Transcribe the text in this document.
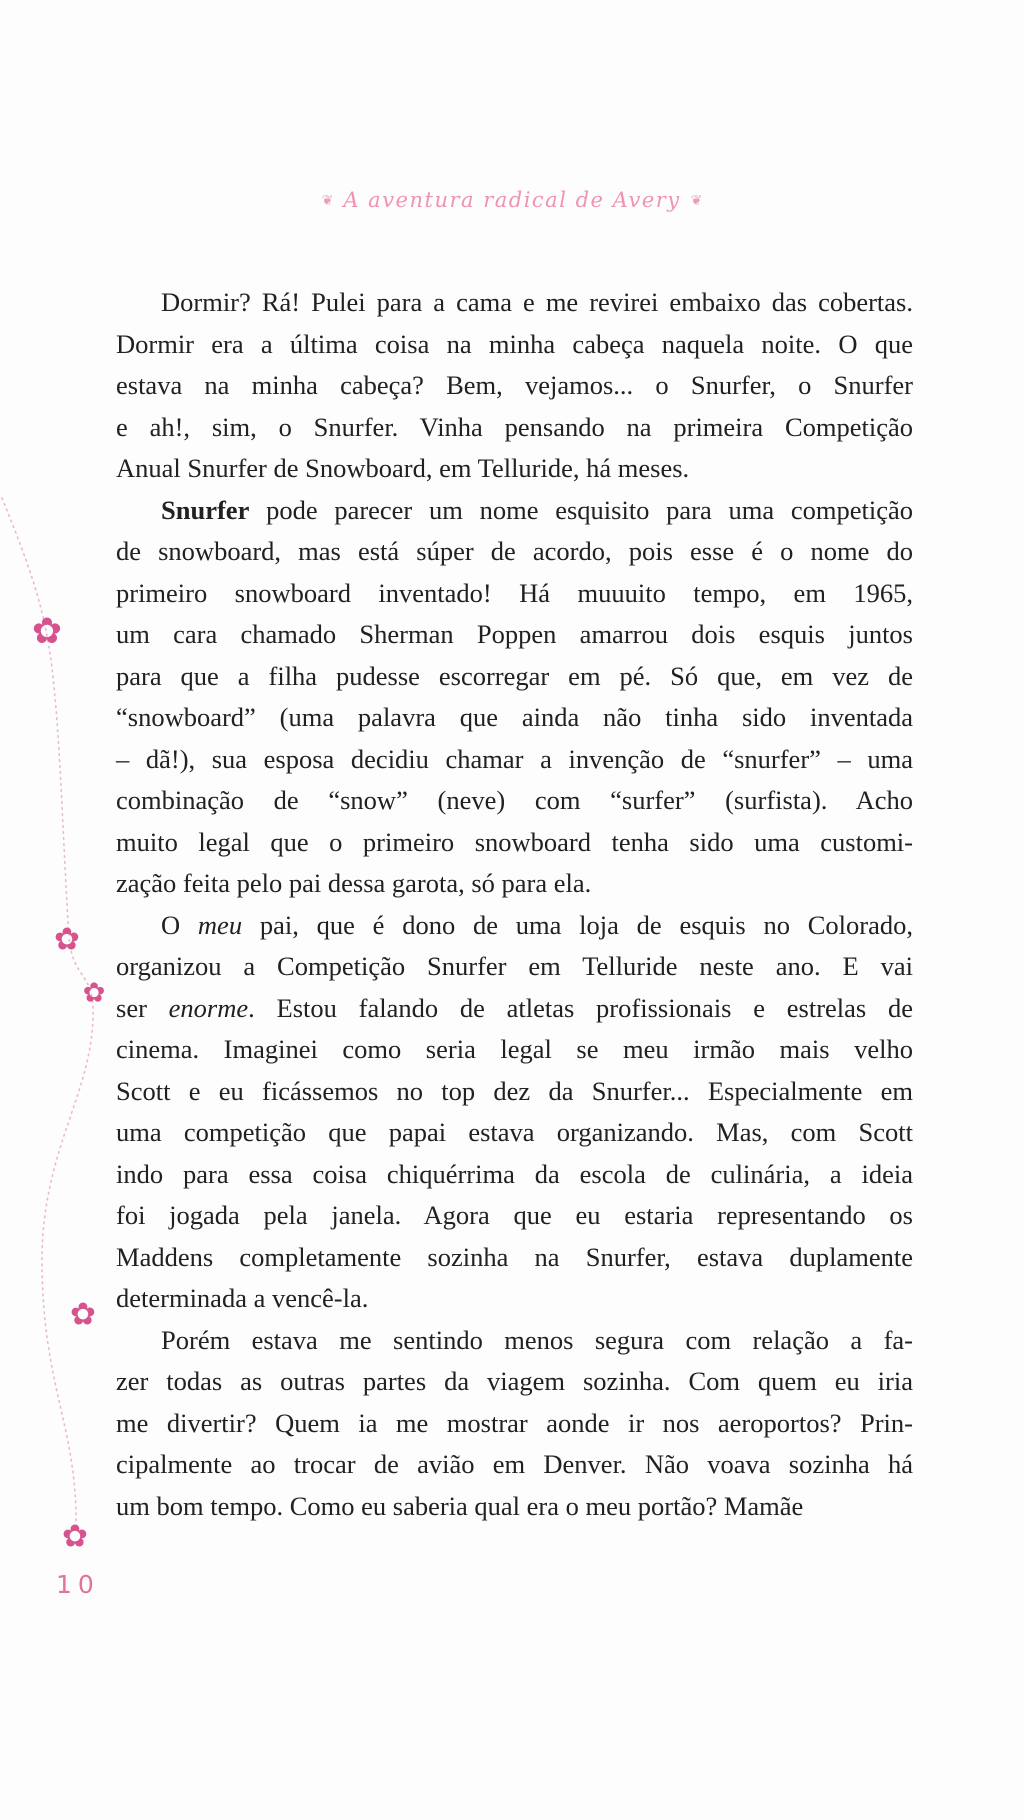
❦ A aventura radical de Avery ❦
✿
✿
✿
✿
✿
Dormir? Rá! Pulei para a cama e me revirei embaixo das cobertas.
Dormir era a última coisa na minha cabeça naquela noite. O que
estava na minha cabeça? Bem, vejamos... o Snurfer, o Snurfer
e ah!, sim, o Snurfer. Vinha pensando na primeira Competição
Anual Snurfer de Snowboard, em Telluride, há meses.
Snurfer pode parecer um nome esquisito para uma competição
de snowboard, mas está súper de acordo, pois esse é o nome do
primeiro snowboard inventado! Há muuuito tempo, em 1965,
um cara chamado Sherman Poppen amarrou dois esquis juntos
para que a filha pudesse escorregar em pé. Só que, em vez de
“snowboard” (uma palavra que ainda não tinha sido inventada
– dã!), sua esposa decidiu chamar a invenção de “snurfer” – uma
combinação de “snow” (neve) com “surfer” (surfista). Acho
muito legal que o primeiro snowboard tenha sido uma customi-
zação feita pelo pai dessa garota, só para ela.
O meu pai, que é dono de uma loja de esquis no Colorado,
organizou a Competição Snurfer em Telluride neste ano. E vai
ser enorme. Estou falando de atletas profissionais e estrelas de
cinema. Imaginei como seria legal se meu irmão mais velho
Scott e eu ficássemos no top dez da Snurfer... Especialmente em
uma competição que papai estava organizando. Mas, com Scott
indo para essa coisa chiquérrima da escola de culinária, a ideia
foi jogada pela janela. Agora que eu estaria representando os
Maddens completamente sozinha na Snurfer, estava duplamente
determinada a vencê-la.
Porém estava me sentindo menos segura com relação a fa-
zer todas as outras partes da viagem sozinha. Com quem eu iria
me divertir? Quem ia me mostrar aonde ir nos aeroportos? Prin-
cipalmente ao trocar de avião em Denver. Não voava sozinha há
um bom tempo. Como eu saberia qual era o meu portão? Mamãe
10
